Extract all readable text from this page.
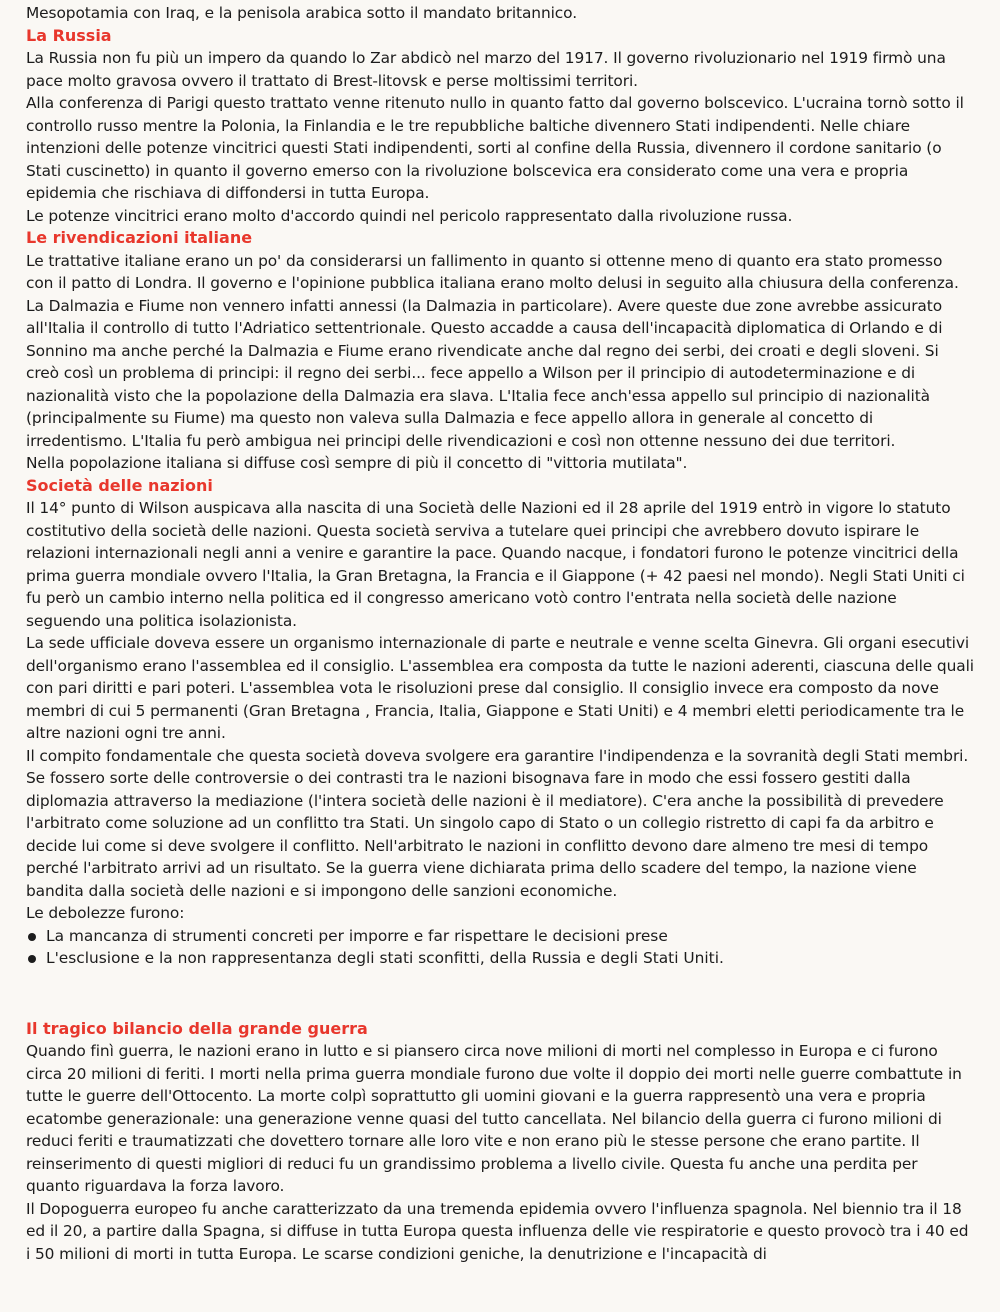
Mesopotamia con Iraq, e la penisola arabica sotto il mandato britannico.

La Russia

La Russia non fu più un impero da quando lo Zar abdicò nel marzo del 1917. Il governo rivoluzionario nel 1919 firmò una pace molto gravosa ovvero il trattato di Brest-litovsk e perse moltissimi territori.

Alla conferenza di Parigi questo trattato venne ritenuto nullo in quanto fatto dal governo bolscevico. L'ucraina tornò sotto il controllo russo mentre la Polonia, la Finlandia e le tre repubbliche baltiche divennero Stati indipendenti. Nelle chiare intenzioni delle potenze vincitrici questi Stati indipendenti, sorti al confine della Russia, divennero il cordone sanitario (o Stati cuscinetto) in quanto il governo emerso con la rivoluzione bolscevica era considerato come una vera e propria epidemia che rischiava di diffondersi in tutta Europa.

Le potenze vincitrici erano molto d'accordo quindi nel pericolo rappresentato dalla rivoluzione russa.

Le rivendicazioni italiane

Le trattative italiane erano un po' da considerarsi un fallimento in quanto si ottenne meno di quanto era stato promesso con il patto di Londra. Il governo e l'opinione pubblica italiana erano molto delusi in seguito alla chiusura della conferenza. La Dalmazia e Fiume non vennero infatti annessi (la Dalmazia in particolare). Avere queste due zone avrebbe assicurato all'Italia il controllo di tutto l'Adriatico settentrionale. Questo accadde a causa dell'incapacità diplomatica di Orlando e di Sonnino ma anche perché la Dalmazia e Fiume erano rivendicate anche dal regno dei serbi, dei croati e degli sloveni. Si creò così un problema di principi: il regno dei serbi... fece appello a Wilson per il principio di autodeterminazione e di nazionalità visto che la popolazione della Dalmazia era slava. L'Italia fece anch'essa appello sul principio di nazionalità (principalmente su Fiume) ma questo non valeva sulla Dalmazia e fece appello allora in generale al concetto di irredentismo. L'Italia fu però ambigua nei principi delle rivendicazioni e così non ottenne nessuno dei due territori.

Nella popolazione italiana si diffuse così sempre di più il concetto di "vittoria mutilata".

Società delle nazioni

Il 14° punto di Wilson auspicava alla nascita di una Società delle Nazioni ed il 28 aprile del 1919 entrò in vigore lo statuto costitutivo della società delle nazioni. Questa società serviva a tutelare quei principi che avrebbero dovuto ispirare le relazioni internazionali negli anni a venire e garantire la pace. Quando nacque, i fondatori furono le potenze vincitrici della prima guerra mondiale ovvero l'Italia, la Gran Bretagna, la Francia e il Giappone (+ 42 paesi nel mondo). Negli Stati Uniti ci fu però un cambio interno nella politica ed il congresso americano votò contro l'entrata nella società delle nazione seguendo una politica isolazionista.

La sede ufficiale doveva essere un organismo internazionale di parte e neutrale e venne scelta Ginevra. Gli organi esecutivi dell'organismo erano l'assemblea ed il consiglio. L'assemblea era composta da tutte le nazioni aderenti, ciascuna delle quali con pari diritti e pari poteri. L'assemblea vota le risoluzioni prese dal consiglio. Il consiglio invece era composto da nove membri di cui 5 permanenti (Gran Bretagna , Francia, Italia, Giappone e Stati Uniti) e 4 membri eletti periodicamente tra le altre nazioni ogni tre anni.

Il compito fondamentale che questa società doveva svolgere era garantire l'indipendenza e la sovranità degli Stati membri. Se fossero sorte delle controversie o dei contrasti tra le nazioni bisognava fare in modo che essi fossero gestiti dalla diplomazia attraverso la mediazione (l'intera società delle nazioni è il mediatore). C'era anche la possibilità di prevedere l'arbitrato come soluzione ad un conflitto tra Stati. Un singolo capo di Stato o un collegio ristretto di capi fa da arbitro e decide lui come si deve svolgere il conflitto. Nell'arbitrato le nazioni in conflitto devono dare almeno tre mesi di tempo perché l'arbitrato arrivi ad un risultato. Se la guerra viene dichiarata prima dello scadere del tempo, la nazione viene bandita dalla società delle nazioni e si impongono delle sanzioni economiche.

Le debolezze furono:

La mancanza di strumenti concreti per imporre e far rispettare le decisioni prese
L'esclusione e la non rappresentanza degli stati sconfitti, della Russia e degli Stati Uniti.
Il tragico bilancio della grande guerra

Quando finì guerra, le nazioni erano in lutto e si piansero circa nove milioni di morti nel complesso in Europa e ci furono circa 20 milioni di feriti. I morti nella prima guerra mondiale furono due volte il doppio dei morti nelle guerre combattute in tutte le guerre dell'Ottocento. La morte colpì soprattutto gli uomini giovani e la guerra rappresentò una vera e propria ecatombe generazionale: una generazione venne quasi del tutto cancellata. Nel bilancio della guerra ci furono milioni di reduci feriti e traumatizzati che dovettero tornare alle loro vite e non erano più le stesse persone che erano partite. Il reinserimento di questi migliori di reduci fu un grandissimo problema a livello civile. Questa fu anche una perdita per quanto riguardava la forza lavoro.

Il Dopoguerra europeo fu anche caratterizzato da una tremenda epidemia ovvero l'influenza spagnola. Nel biennio tra il 18 ed il 20, a partire dalla Spagna, si diffuse in tutta Europa questa influenza delle vie respiratorie e questo provocò tra i 40 ed i 50 milioni di morti in tutta Europa. Le scarse condizioni geniche, la denutrizione e l'incapacità di
